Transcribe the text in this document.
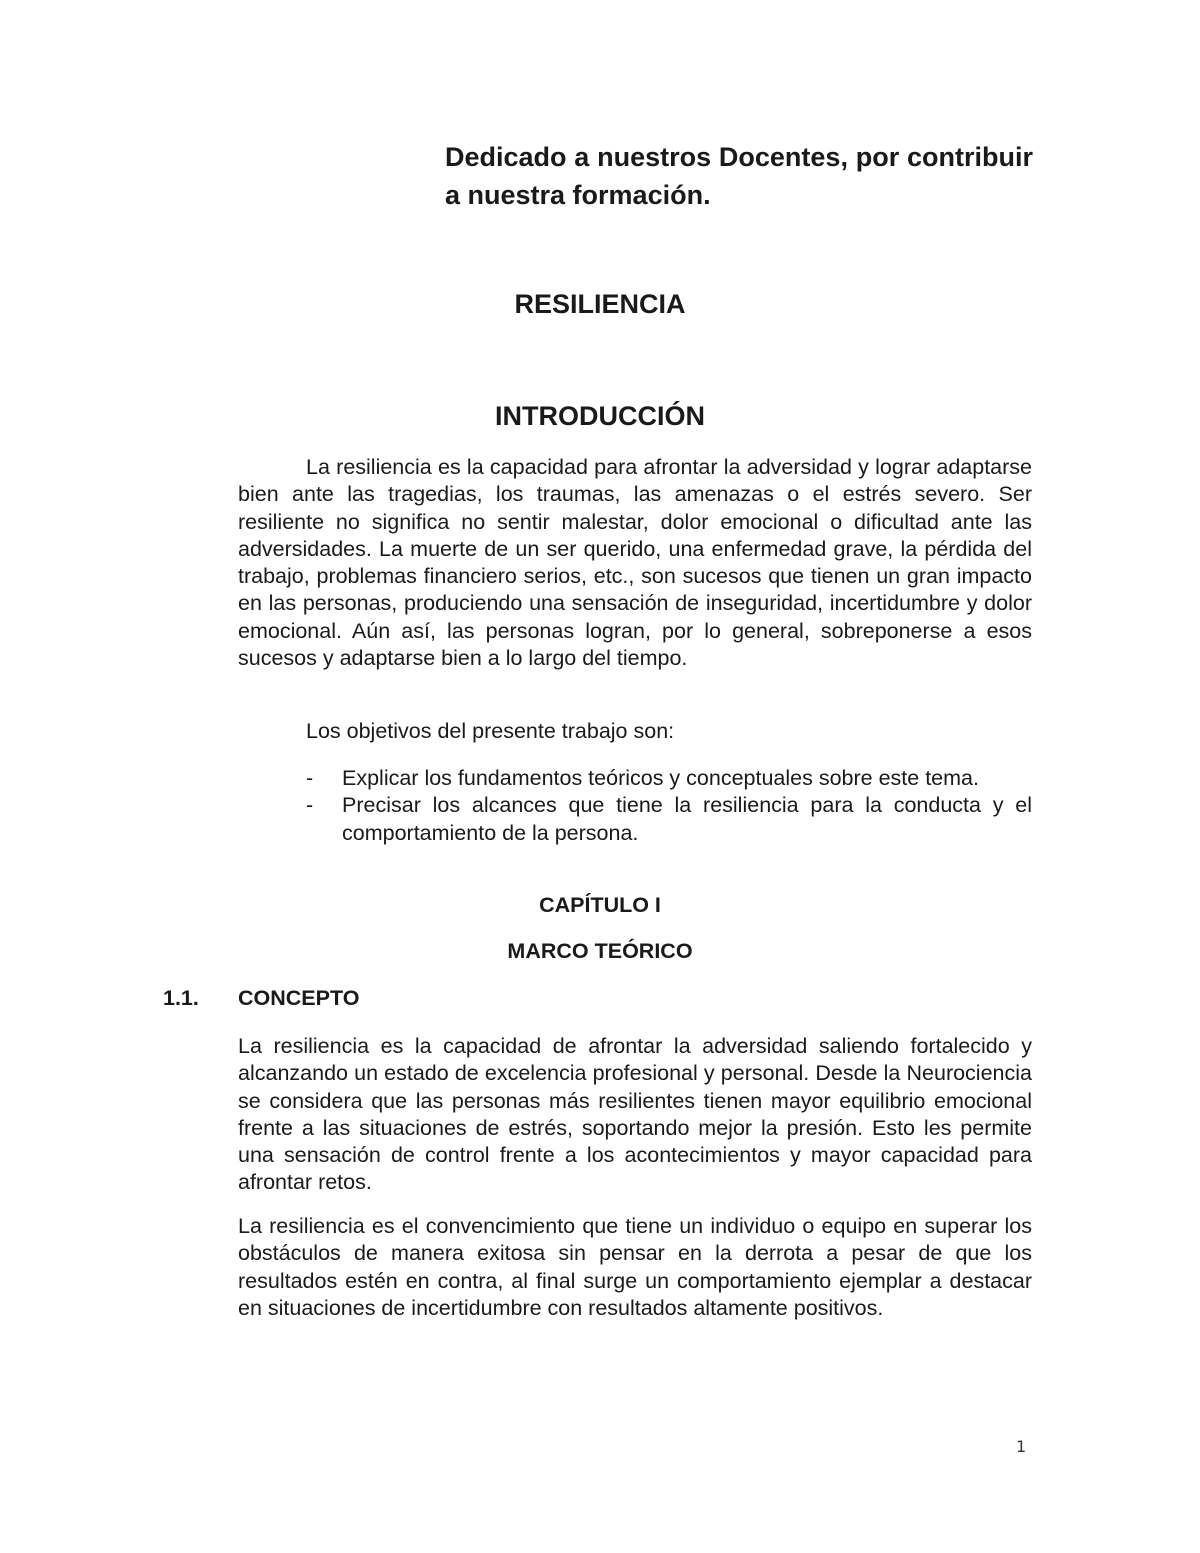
Dedicado a nuestros Docentes, por contribuir a nuestra formación.
RESILIENCIA
INTRODUCCIÓN
La resiliencia es la capacidad para afrontar la adversidad y lograr adaptarse bien ante las tragedias, los traumas, las amenazas o el estrés severo. Ser resiliente no significa no sentir malestar, dolor emocional o dificultad ante las adversidades. La muerte de un ser querido, una enfermedad grave, la pérdida del trabajo, problemas financiero serios, etc., son sucesos que tienen un gran impacto en las personas, produciendo una sensación de inseguridad, incertidumbre y dolor emocional. Aún así, las personas logran, por lo general, sobreponerse a esos sucesos y adaptarse bien a lo largo del tiempo.
Los objetivos del presente trabajo son:
- Explicar los fundamentos teóricos y conceptuales sobre este tema.
- Precisar los alcances que tiene la resiliencia para la conducta y el comportamiento de la persona.
CAPÍTULO I
MARCO TEÓRICO
1.1. CONCEPTO
La resiliencia es la capacidad de afrontar la adversidad saliendo fortalecido y alcanzando un estado de excelencia profesional y personal. Desde la Neurociencia se considera que las personas más resilientes tienen mayor equilibrio emocional frente a las situaciones de estrés, soportando mejor la presión. Esto les permite una sensación de control frente a los acontecimientos y mayor capacidad para afrontar retos.
La resiliencia es el convencimiento que tiene un individuo o equipo en superar los obstáculos de manera exitosa sin pensar en la derrota a pesar de que los resultados estén en contra, al final surge un comportamiento ejemplar a destacar en situaciones de incertidumbre con resultados altamente positivos.
1
